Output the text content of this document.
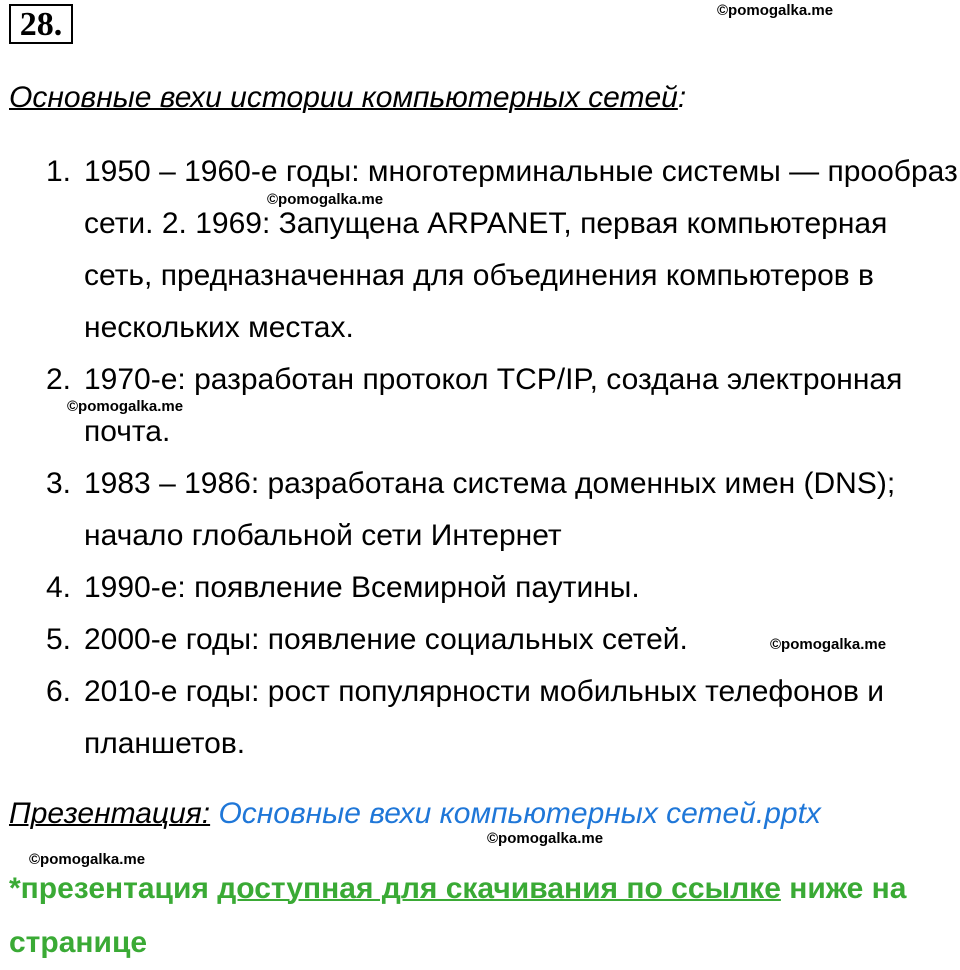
28.	©pomogalka.me
Основные вехи истории компьютерных сетей:
1. 1950 – 1960-е годы: многотерминальные системы — прообраз сети. 2. 1969: Запущена ARPANET, первая компьютерная сеть, предназначенная для объединения компьютеров в нескольких местах.
©pomogalka.me
2. 1970-е: разработан протокол TCP/IP, создана электронная почта.
©pomogalka.me
3. 1983 – 1986: разработана система доменных имен (DNS); начало глобальной сети Интернет
4. 1990-е: появление Всемирной паутины.
5. 2000-е годы: появление социальных сетей.	©pomogalka.me
6. 2010-е годы: рост популярности мобильных телефонов и планшетов.
Презентация: Основные вехи компьютерных сетей.pptx
©pomogalka.me
©pomogalka.me
*презентация доступная для скачивания по ссылке ниже на странице
